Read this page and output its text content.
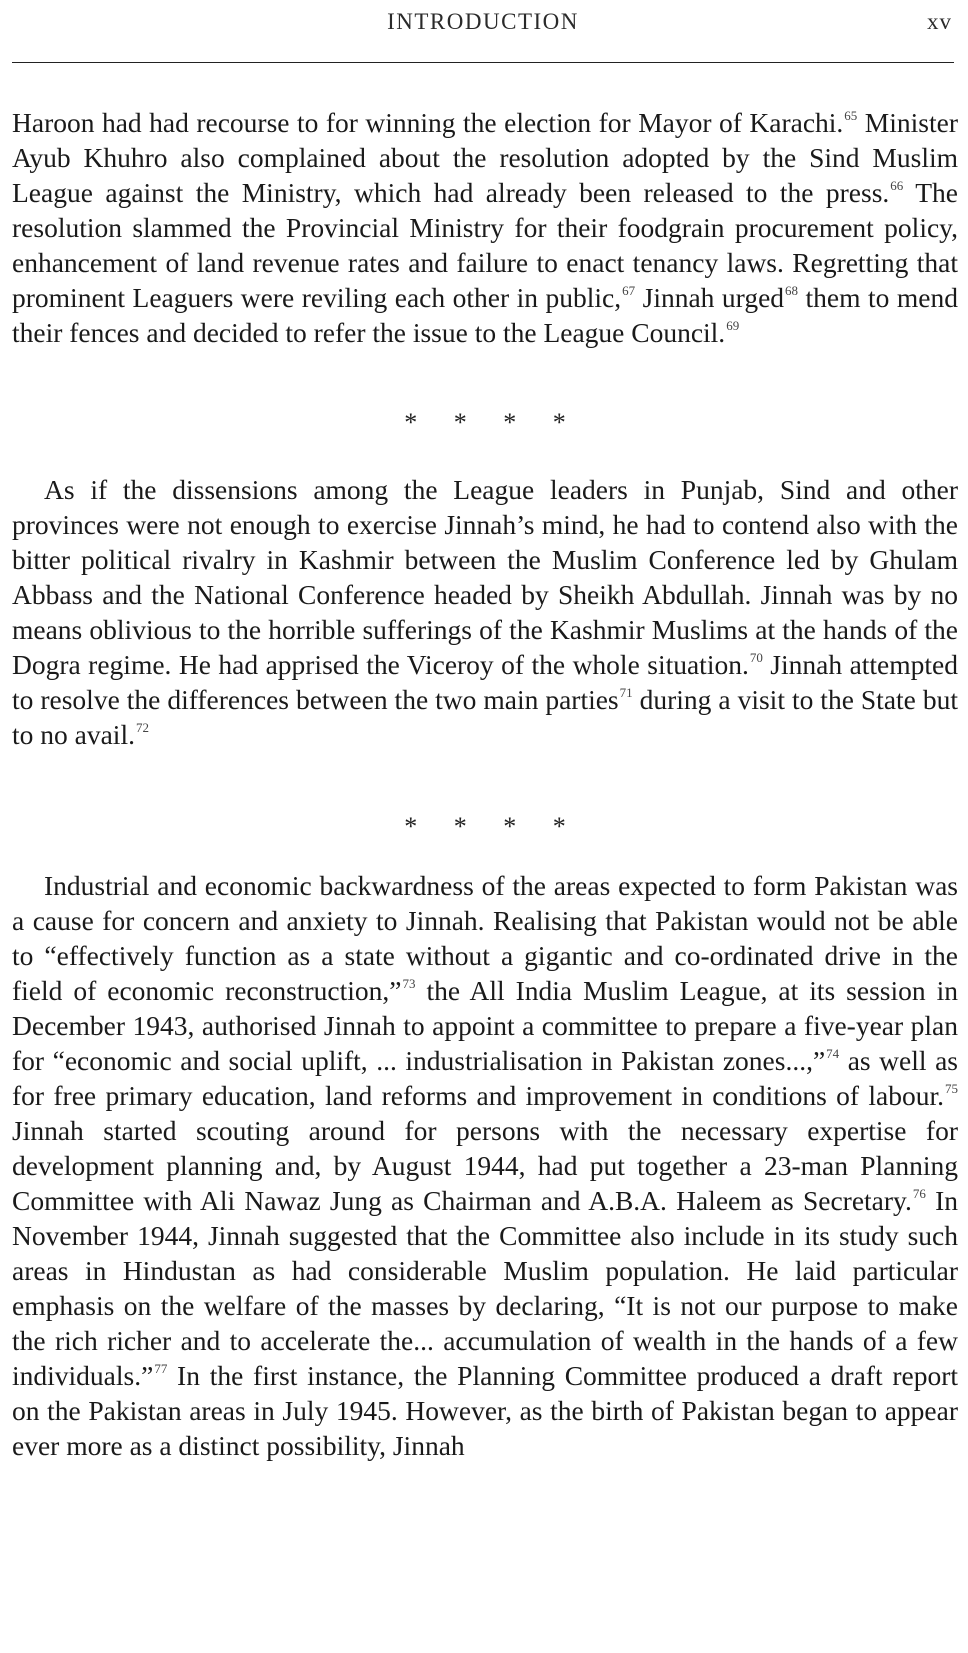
INTRODUCTION	xv

Haroon had had recourse to for winning the election for Mayor of Karachi.$^{65}$ Minister Ayub Khuhro also complained about the resolution adopted by the Sind Muslim League against the Ministry, which had already been released to the press.$^{66}$ The resolution slammed the Provincial Ministry for their foodgrain procurement policy, enhancement of land revenue rates and failure to enact tenancy laws. Regretting that prominent Leaguers were reviling each other in public,$^{67}$ Jinnah urged$^{68}$ them to mend their fences and decided to refer the issue to the League Council.$^{69}$

* * * *

As if the dissensions among the League leaders in Punjab, Sind and other provinces were not enough to exercise Jinnah’s mind, he had to contend also with the bitter political rivalry in Kashmir between the Muslim Conference led by Ghulam Abbass and the National Conference headed by Sheikh Abdullah. Jinnah was by no means oblivious to the horrible sufferings of the Kashmir Muslims at the hands of the Dogra regime. He had apprised the Viceroy of the whole situation.$^{70}$ Jinnah attempted to resolve the differences between the two main parties$^{71}$ during a visit to the State but to no avail.$^{72}$

* * * *

Industrial and economic backwardness of the areas expected to form Pakistan was a cause for concern and anxiety to Jinnah. Realising that Pakistan would not be able to “effectively function as a state without a gigantic and co-ordinated drive in the field of economic reconstruction,”$^{73}$ the All India Muslim League, at its session in December 1943, authorised Jinnah to appoint a committee to prepare a five-year plan for “economic and social uplift, ... industrialisation in Pakistan zones...,”$^{74}$ as well as for free primary education, land reforms and improvement in conditions of labour.$^{75}$ Jinnah started scouting around for persons with the necessary expertise for development planning and, by August 1944, had put together a 23-man Planning Committee with Ali Nawaz Jung as Chairman and A.B.A. Haleem as Secretary.$^{76}$ In November 1944, Jinnah suggested that the Committee also include in its study such areas in Hindustan as had considerable Muslim population. He laid particular emphasis on the welfare of the masses by declaring, “It is not our purpose to make the rich richer and to accelerate the... accumulation of wealth in the hands of a few individuals.”$^{77}$ In the first instance, the Planning Committee produced a draft report on the Pakistan areas in July 1945. However, as the birth of Pakistan began to appear ever more as a distinct possibility, Jinnah
